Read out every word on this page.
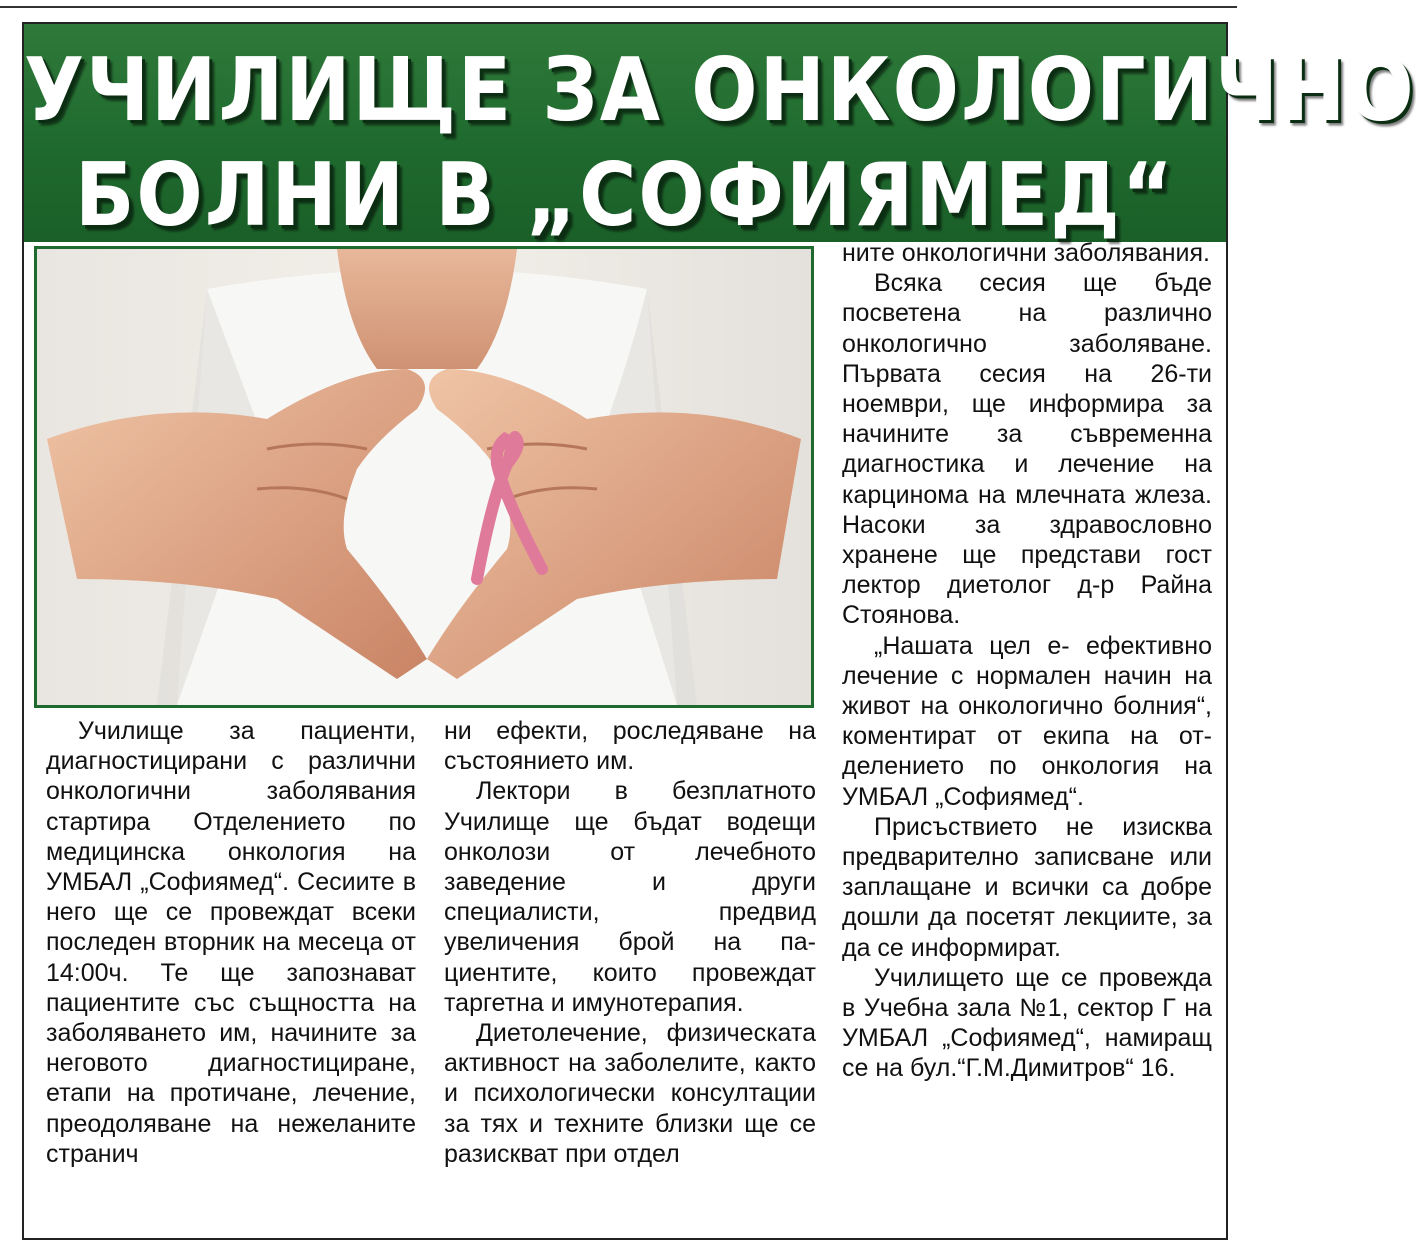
УЧИЛИЩЕ ЗА ОНКОЛОГИЧНО
БОЛНИ В „СОФИЯМЕД“

Училище за пациенти, диагностицирани с различни онкологични заболявания стартира Отделението по медицинска онкология на УМБАЛ „Софиямед“. Сесиите в него ще се провеждат всеки последен вторник на месеца от 14:00ч. Те ще запознават пациентите със същността на заболяването им, начините за неговото диагностициране, етапи на протичане, лечение, преодоляване на нежеланите странич

ни ефекти, роследяване на състоянието им.

Лектори в безплатното Училище ще бъдат водещи онколози от лечебното заведение и други специалисти, предвид увеличения брой на пациентите, които провеждат таргетна и имунотерапия.

Диетолечение, физическата активност на заболелите, както и психологически консултации за тях и техните близки ще се разискват при отдел

ните онкологични заболявания.

Всяка сесия ще бъде посветена на различно онкологично заболяване. Първата сесия на 26-ти ноември, ще информира за начините за съвременна диагностика и лечение на карцинома на млечната жлеза. Насоки за здравословно хранене ще представи гост лектор диетолог д-р Райна Стоянова.

„Нашата цел е- ефективно лечение с нормален начин на живот на онкологично болния“, коментират от екипа на отделението по онкология на УМБАЛ „Софиямед“.

Присъствието не изисква предварително записване или заплащане и всички са добре дошли да посетят лекциите, за да се информират.

Училището ще се провежда в Учебна зала №1, сектор Г на УМБАЛ „Софиямед“, намиращ се на бул.“Г.М.Димитров“ 16.
